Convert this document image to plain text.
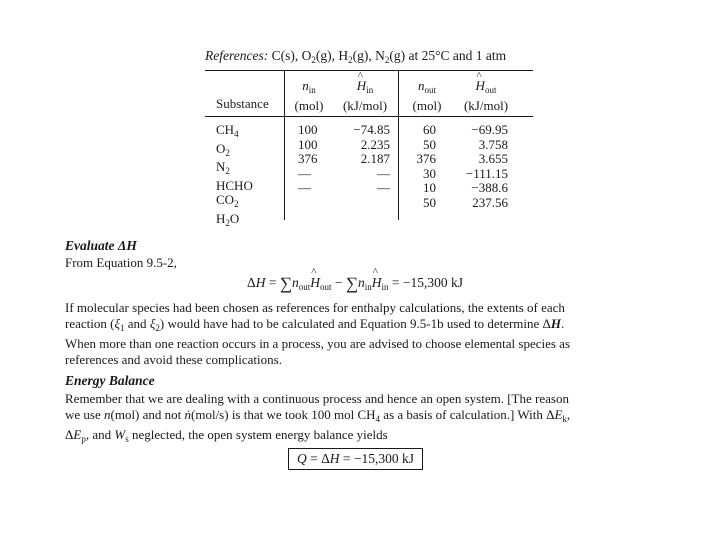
References: C(s), $O_2(g)$, $H_2(g)$, $N_2(g)$ at 25°C and 1 atm
Substance
$n_{in}$
(mol)
^ $H_{in}$
(kJ/mol)
$n_{out}$
(mol)
^ $H_{out}$
(kJ/mol)
$CH_4$
$O_2$
$N_2$
HCHO
$CO_2$
$H_2O$
100
100
376
—
—
−74.85
2.235
2.187
—
—
60
50
376
30
10
50
−69.95
3.758
3.655
−111.15
−388.6
237.56
Evaluate ΔH
From Equation 9.5-2,
$\Delta H = \sum n_{out}\^{}$ $H_{out}$ − $\sum n_{in}\^{}$ $H_{in} = -15,300$ kJ
If molecular species had been chosen as references for enthalpy calculations, the extents of each
reaction ($\xi_1$ and $\xi_2$) would have had to be calculated and Equation 9.5-1b used to determine ΔH.
When more than one reaction occurs in a process, you are advised to choose elemental species as
references and avoid these complications.
Energy Balance
Remember that we are dealing with a continuous process and hence an open system. [The reason
we use n(mol) and not ṅ(mol/s) is that we took 100 mol $CH_4$ as a basis of calculation.] With $\Delta E_k$,
$\Delta E_p$, and $W_s$ neglected, the open system energy balance yields
Q = ΔH = −15,300 kJ
